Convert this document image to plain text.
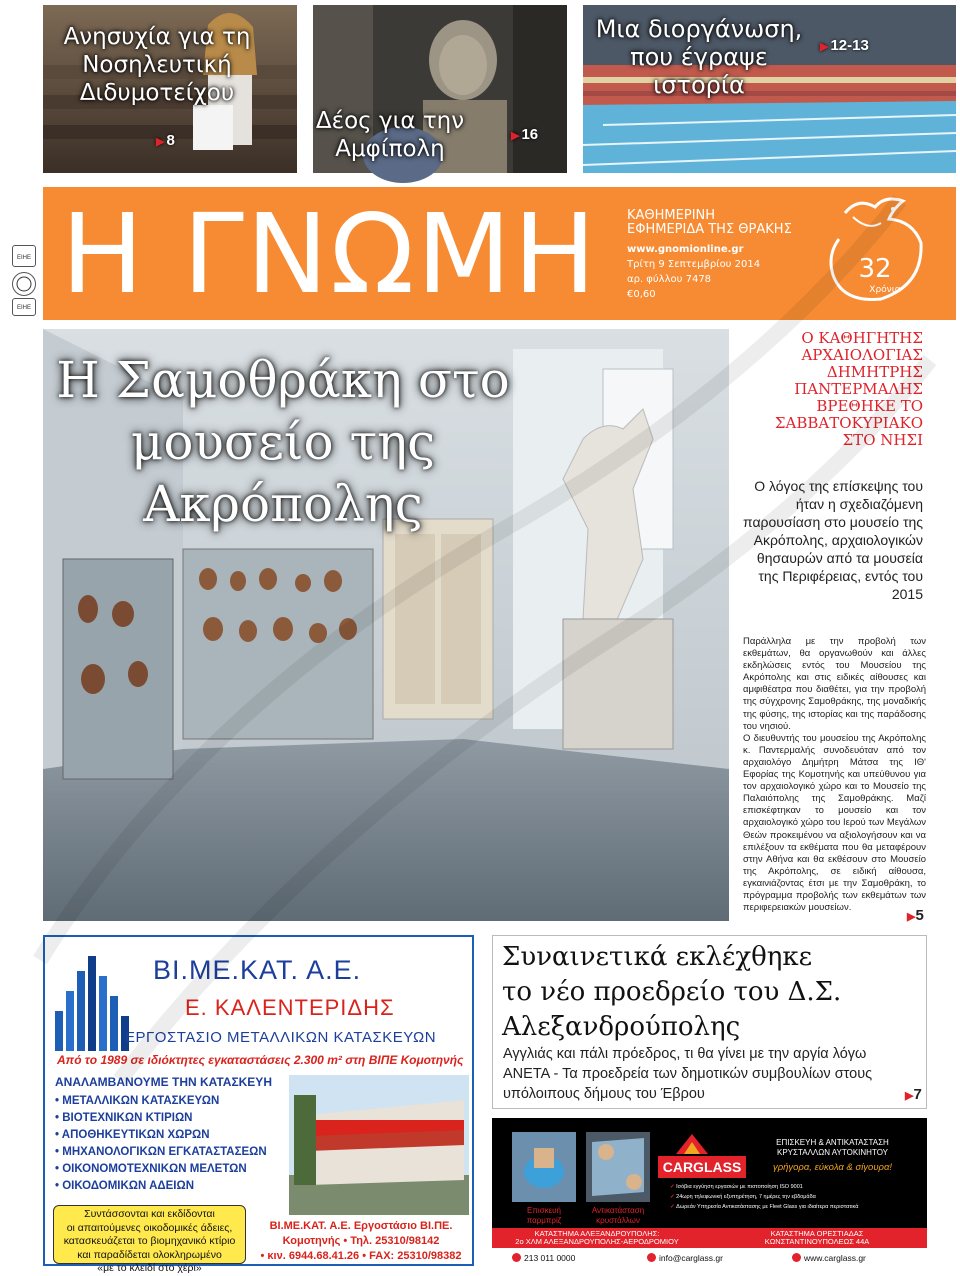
Ανησυχία για τη Νοσηλευτική Διδυμοτείχου
▶ 8
Δέος για την Αμφίπολη	▶ 16
Μια διοργάνωση, που έγραψε ιστορία
▶ 12-13
ΕΙΗΕ
ΕΙΗΕ Η ΓΝΩΜΗ ΚΑΘΗΜΕΡΙΝΗ
ΕΦΗΜΕΡΙΔΑ ΤΗΣ ΘΡΑΚΗΣ
www.gnomionline.gr
Τρίτη 9 Σεπτεμβρίου 2014
αρ. φύλλου 7478
€0,60
32
Χρόνια
Η Σαμοθράκη στο μουσείο της Ακρόπολης
Ο ΚΑΘΗΓΗΤΗΣ ΑΡΧΑΙΟΛΟΓΙΑΣ ΔΗΜΗΤΡΗΣ ΠΑΝΤΕΡΜΑΛΗΣ ΒΡΕΘΗΚΕ ΤΟ ΣΑΒΒΑΤΟΚΥΡΙΑΚΟ ΣΤΟ ΝΗΣΙ
Ο λόγος της επίσκεψης του ήταν η σχεδιαζόμενη παρουσίαση στο μουσείο της Ακρόπολης, αρχαιολογικών θησαυρών από τα μουσεία της Περιφέρειας, εντός του 2015

Παράλληλα με την προβολή των εκθεμάτων, θα οργανωθούν και άλλες εκδηλώσεις εντός του Μουσείου της Ακρόπολης και στις ειδικές αίθουσες και αμφιθέατρα που διαθέτει, για την προβολή της σύγχρονης Σαμοθράκης, της μοναδικής της φύσης, της ιστορίας και της παράδοσης του νησιού.

Ο διευθυντής του μουσείου της Ακρόπολης κ. Παντερμαλής συνοδευόταν από τον αρχαιολόγο Δημήτρη Μάτσα της ΙΘ' Εφορίας της Κομοτηνής και υπεύθυνου για τον αρχαιολογικό χώρο και το Μουσείο της Παλαιόπολης της Σαμοθράκης. Μαζί επισκέφτηκαν το μουσείο και τον αρχαιολογικό χώρο του Ιερού των Μεγάλων Θεών προκειμένου να αξιολογήσουν και να επιλέξουν τα εκθέματα που θα μεταφέρουν στην Αθήνα και θα εκθέσουν στο Μουσείο της Ακρόπολης, σε ειδική αίθουσα, εγκαινιάζοντας έτσι με την Σαμοθράκη, το πρόγραμμα προβολής των εκθεμάτων των περιφερειακών μουσείων.

▶5
ΒΙ.ΜΕ.ΚΑΤ. Α.Ε.
Ε. ΚΑΛΕΝΤΕΡΙΔΗΣ
ΕΡΓΟΣΤΑΣΙΟ ΜΕΤΑΛΛΙΚΩΝ ΚΑΤΑΣΚΕΥΩΝ
Από το 1989 σε ιδιόκτητες εγκαταστάσεις 2.300 m² στη ΒΙΠΕ Κομοτηνής
ΑΝΑΛΑΜΒΑΝΟΥΜΕ ΤΗΝ ΚΑΤΑΣΚΕΥΗ
• ΜΕΤΑΛΛΙΚΩΝ ΚΑΤΑΣΚΕΥΩΝ
• ΒΙΟΤΕΧΝΙΚΩΝ ΚΤΙΡΙΩΝ
• ΑΠΟΘΗΚΕΥΤΙΚΩΝ ΧΩΡΩΝ
• ΜΗΧΑΝΟΛΟΓΙΚΩΝ ΕΓΚΑΤΑΣΤΑΣΕΩΝ
• ΟΙΚΟΝΟΜΟΤΕΧΝΙΚΩΝ ΜΕΛΕΤΩΝ
• ΟΙΚΟΔΟΜΙΚΩΝ ΑΔΕΙΩΝ
Συντάσσονται και εκδίδονται
οι απαιτούμενες οικοδομικές άδειες,
κατασκευάζεται το βιομηχανικό κτίριο
και παραδίδεται ολοκληρωμένο
«με το κλειδί στο χέρι»
ΒΙ.ΜΕ.ΚΑΤ. Α.Ε. Εργοστάσιο ΒΙ.ΠΕ.
Κομοτηνής • Τηλ. 25310/98142
• κιν. 6944.68.41.26 • FAX: 25310/98382
Συναινετικά εκλέχθηκε
το νέο προεδρείο του Δ.Σ.
Αλεξανδρούπολης
Αγγλιάς και πάλι πρόεδρος, τι θα γίνει με την αργία λόγω ΑΝΕΤΑ - Τα προεδρεία των δημοτικών συμβουλίων στους υπόλοιπους δήμους του Έβρου	▶7
Επισκευή παρμπρίζ
Αντικατάσταση κρυστάλλων
CARGLASS
ΕΠΙΣΚΕΥΗ & ΑΝΤΙΚΑΤΑΣΤΑΣΗ
ΚΡΥΣΤΑΛΛΩΝ ΑΥΤΟΚΙΝΗΤΟΥ
γρήγορα, εύκολα & σίγουρα!
✓ Ισόβια εγγύηση εργασιών με πιστοποίηση ISO 9001
✓ 24ωρη τηλεφωνική εξυπηρέτηση, 7 ημέρες την εβδομάδα
✓ Δωρεάν Υπηρεσία Αντικατάστασης με Fleet Glass για ιδιαίτερα περιστατικά
ΚΑΤΑΣΤΗΜΑ ΑΛΕΞΑΝΔΡΟΥΠΟΛΗΣ:
2ο ΧΛΜ ΑΛΕΞΑΝΔΡΟΥΠΟΛΗΣ-ΑΕΡΟΔΡΟΜΙΟΥ
ΚΑΤΑΣΤΗΜΑ ΟΡΕΣΤΙΑΔΑΣ
ΚΩΝΣΤΑΝΤΙΝΟΥΠΟΛΕΩΣ 44Α
213 011 0000	info@carglass.gr	www.carglass.gr
